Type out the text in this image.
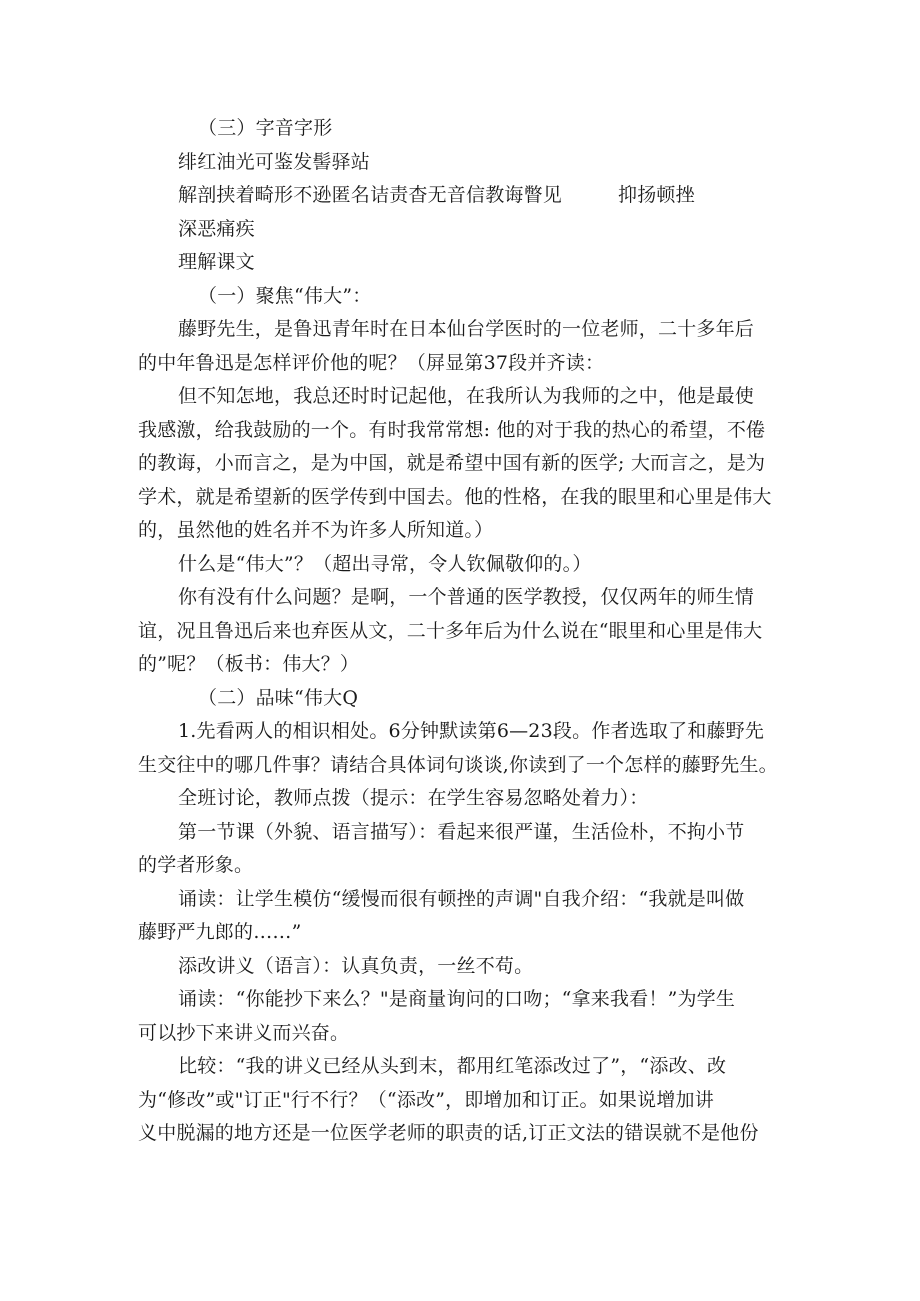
（三）字音字形
绯红油光可鉴发髻驿站
解剖挟着畸形不逊匿名诘责杳无音信教诲瞥见	抑扬顿挫
深恶痛疾
理解课文
（一）聚焦“伟大”：
藤野先生，是鲁迅青年时在日本仙台学医时的一位老师，二十多年后
的中年鲁迅是怎样评价他的呢？（屏显第37段并齐读：
但不知怎地，我总还时时记起他，在我所认为我师的之中，他是最使
我感激，给我鼓励的一个。有时我常常想: 他的对于我的热心的希望，不倦
的教诲，小而言之，是为中国，就是希望中国有新的医学; 大而言之，是为
学术，就是希望新的医学传到中国去。他的性格，在我的眼里和心里是伟大
的，虽然他的姓名并不为许多人所知道。）
什么是“伟大”？（超出寻常，令人钦佩敬仰的。）
你有没有什么问题？是啊，一个普通的医学教授，仅仅两年的师生情
谊，况且鲁迅后来也弃医从文，二十多年后为什么说在“眼里和心里是伟大
的”呢？（板书：伟大？）
（二）品味“伟大Q
1.先看两人的相识相处。6分钟默读第6—23段。作者选取了和藤野先
生交往中的哪几件事？请结合具体词句谈谈,你读到了一个怎样的藤野先生。
全班讨论，教师点拨（提示：在学生容易忽略处着力）：
第一节课（外貌、语言描写）：看起来很严谨，生活俭朴，不拘小节
的学者形象。
诵读：让学生模仿“缓慢而很有顿挫的声调"自我介绍：“我就是叫做
藤野严九郎的……”
添改讲义（语言）：认真负责，一丝不苟。
诵读：“你能抄下来么？"是商量询问的口吻；“拿来我看！”为学生
可以抄下来讲义而兴奋。
比较：“我的讲义已经从头到末，都用红笔添改过了”，“添改、改
为“修改”或"订正"行不行？（“添改”，即增加和订正。如果说增加讲
义中脱漏的地方还是一位医学老师的职责的话,订正文法的错误就不是他份
